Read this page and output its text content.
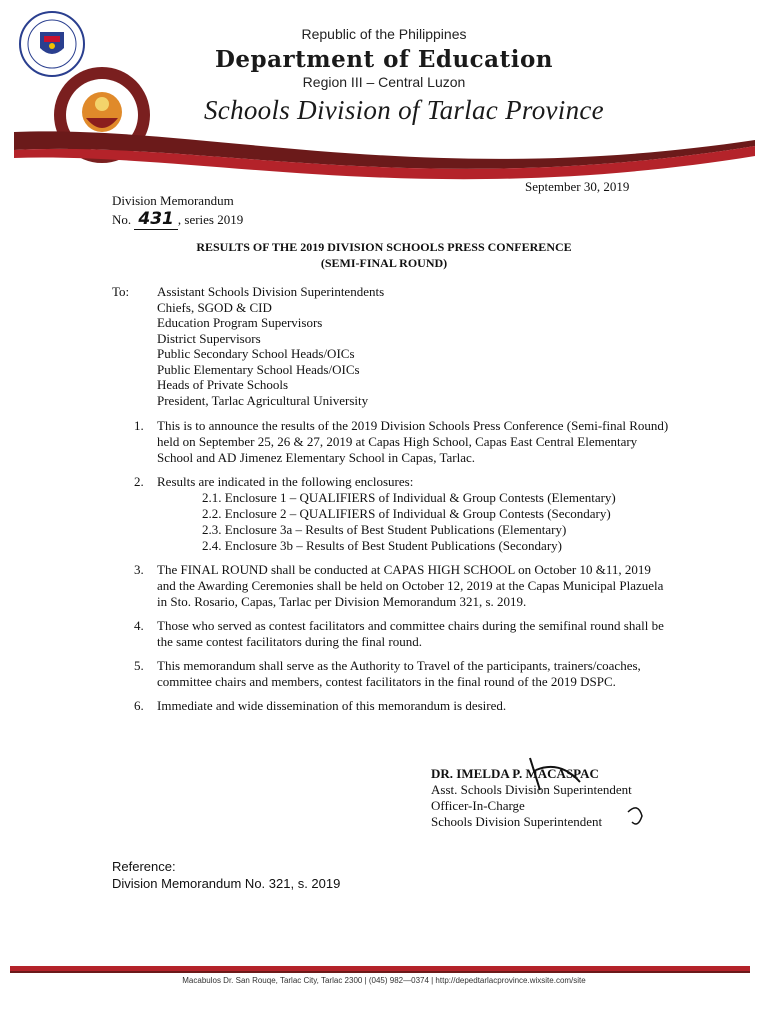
Republic of the Philippines
Department of Education
Region III – Central Luzon
Schools Division of Tarlac Province
September 30, 2019
Division Memorandum
No. 431 , series 2019
RESULTS OF THE 2019 DIVISION SCHOOLS PRESS CONFERENCE
(SEMI-FINAL ROUND)
To: Assistant Schools Division Superintendents
Chiefs, SGOD & CID
Education Program Supervisors
District Supervisors
Public Secondary School Heads/OICs
Public Elementary School Heads/OICs
Heads of Private Schools
President, Tarlac Agricultural University
1.	This is to announce the results of the 2019 Division Schools Press Conference (Semi-final Round) held on September 25, 26 & 27, 2019 at Capas High School, Capas East Central Elementary School and AD Jimenez Elementary School in Capas, Tarlac.
2.	Results are indicated in the following enclosures:
2.1. Enclosure 1 – QUALIFIERS of Individual & Group Contests (Elementary)
2.2. Enclosure 2 – QUALIFIERS of Individual & Group Contests (Secondary)
2.3. Enclosure 3a – Results of Best Student Publications (Elementary)
2.4. Enclosure 3b – Results of Best Student Publications (Secondary)
3.	The FINAL ROUND shall be conducted at CAPAS HIGH SCHOOL on October 10 &11, 2019 and the Awarding Ceremonies shall be held on October 12, 2019 at the Capas Municipal Plazuela in Sto. Rosario, Capas, Tarlac per Division Memorandum 321, s. 2019.
4.	Those who served as contest facilitators and committee chairs during the semifinal round shall be the same contest facilitators during the final round.
5.	This memorandum shall serve as the Authority to Travel of the participants, trainers/coaches, committee chairs and members, contest facilitators in the final round of the 2019 DSPC.
6.	Immediate and wide dissemination of this memorandum is desired.
DR. IMELDA P. MACASPAC
Asst. Schools Division Superintendent
Officer-In-Charge
Schools Division Superintendent
Reference:
Division Memorandum No. 321, s. 2019
Macabulos Dr. San Rouqe, Tarlac City, Tarlac 2300 | (045) 982—0374 | http://depedtarlacprovince.wixsite.com/site
